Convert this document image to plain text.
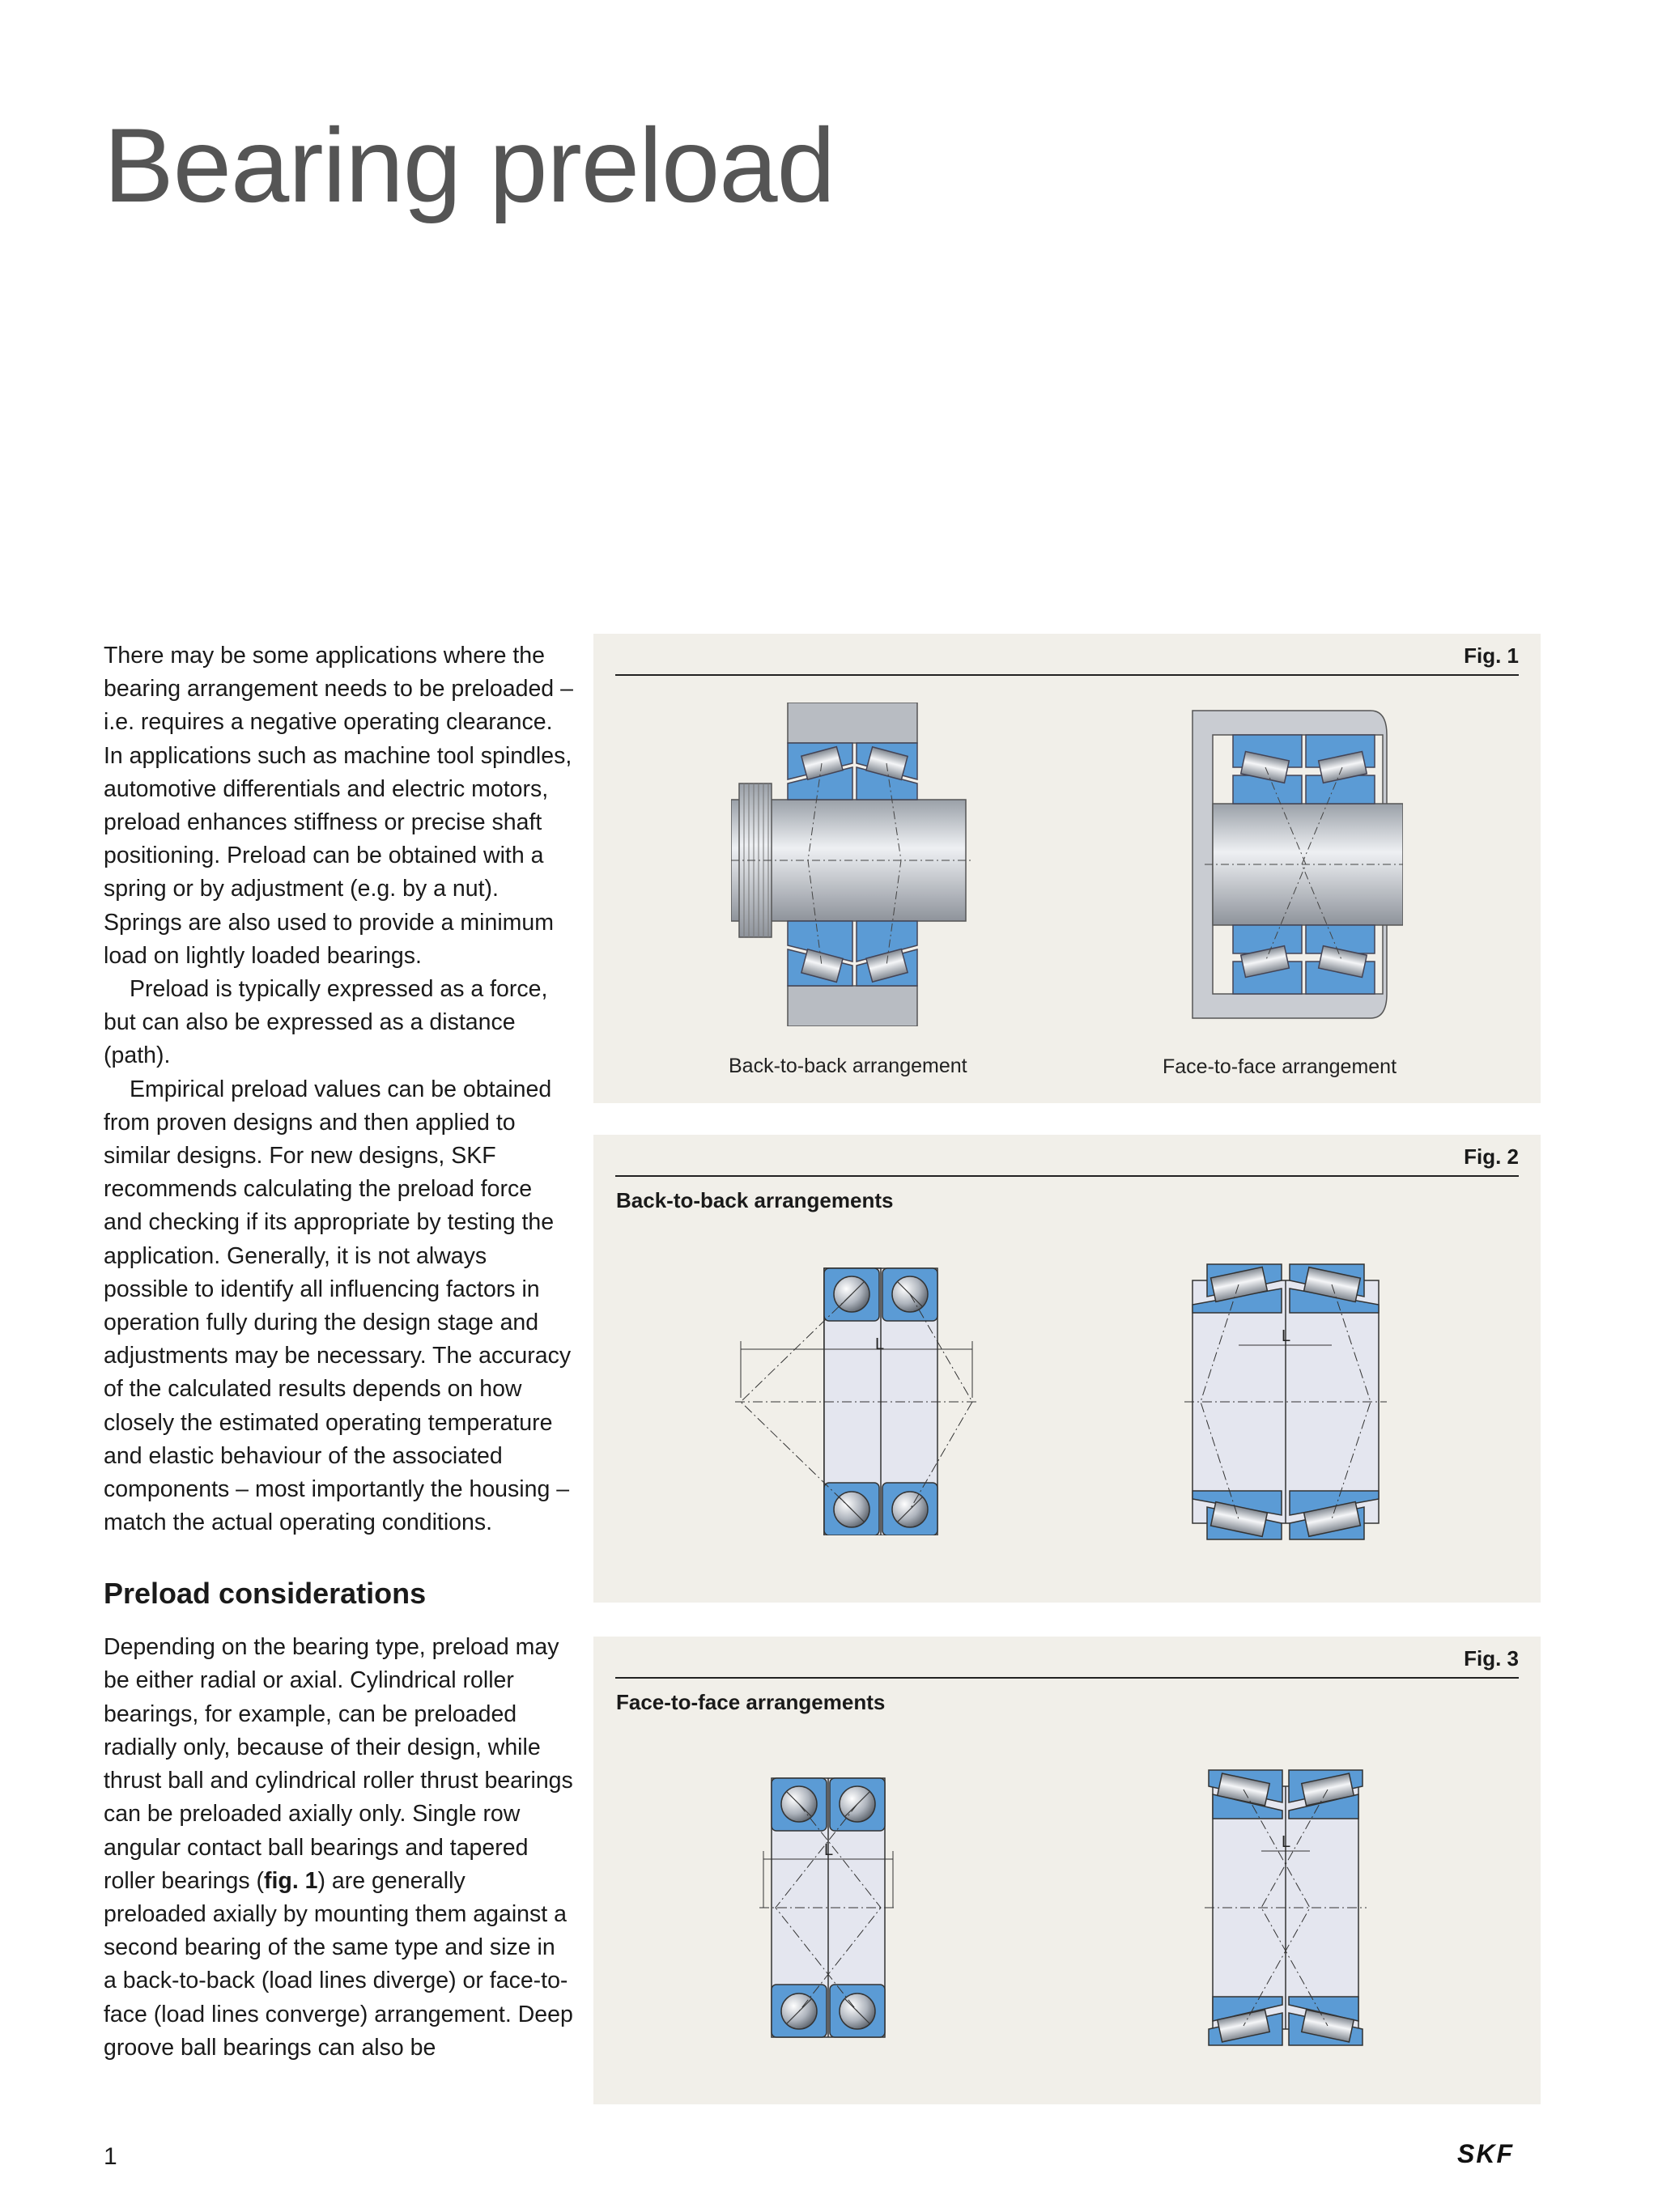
Bearing preload

There may be some applications where the bearing arrangement needs to be preloaded – i.e. requires a negative operating clearance. In applications such as machine tool spindles, automotive differentials and electric motors, preload enhances stiffness or precise shaft positioning. Preload can be obtained with a spring or by adjustment (e.g. by a nut). Springs are also used to provide a minimum load on lightly loaded bearings.

Preload is typically expressed as a force, but can also be expressed as a distance (path).

Empirical preload values can be obtained from proven designs and then applied to similar designs. For new designs, SKF recommends calculating the preload force and checking if its appropriate by testing the application. Generally, it is not always possible to identify all influencing factors in operation fully during the design stage and adjustments may be necessary. The accuracy of the calculated results depends on how closely the estimated operating temperature and elastic behaviour of the associated components – most importantly the housing – match the actual operating conditions.

Preload considerations

Depending on the bearing type, preload may be either radial or axial. Cylindrical roller bearings, for example, can be preloaded radially only, because of their design, while thrust ball and cylindrical roller thrust bearings can be preloaded axially only. Single row angular contact ball bearings and tapered roller bearings (fig. 1) are generally preloaded axially by mounting them against a second bearing of the same type and size in a back-to-back (load lines diverge) or face-to-face (load lines converge) arrangement. Deep groove ball bearings can also be

Fig. 1
Back-to-back arrangement	Face-to-face arrangement
Fig. 2
Back-to-back arrangements
L	L
Fig. 3
Face-to-face arrangements
L	L
1	SKF
